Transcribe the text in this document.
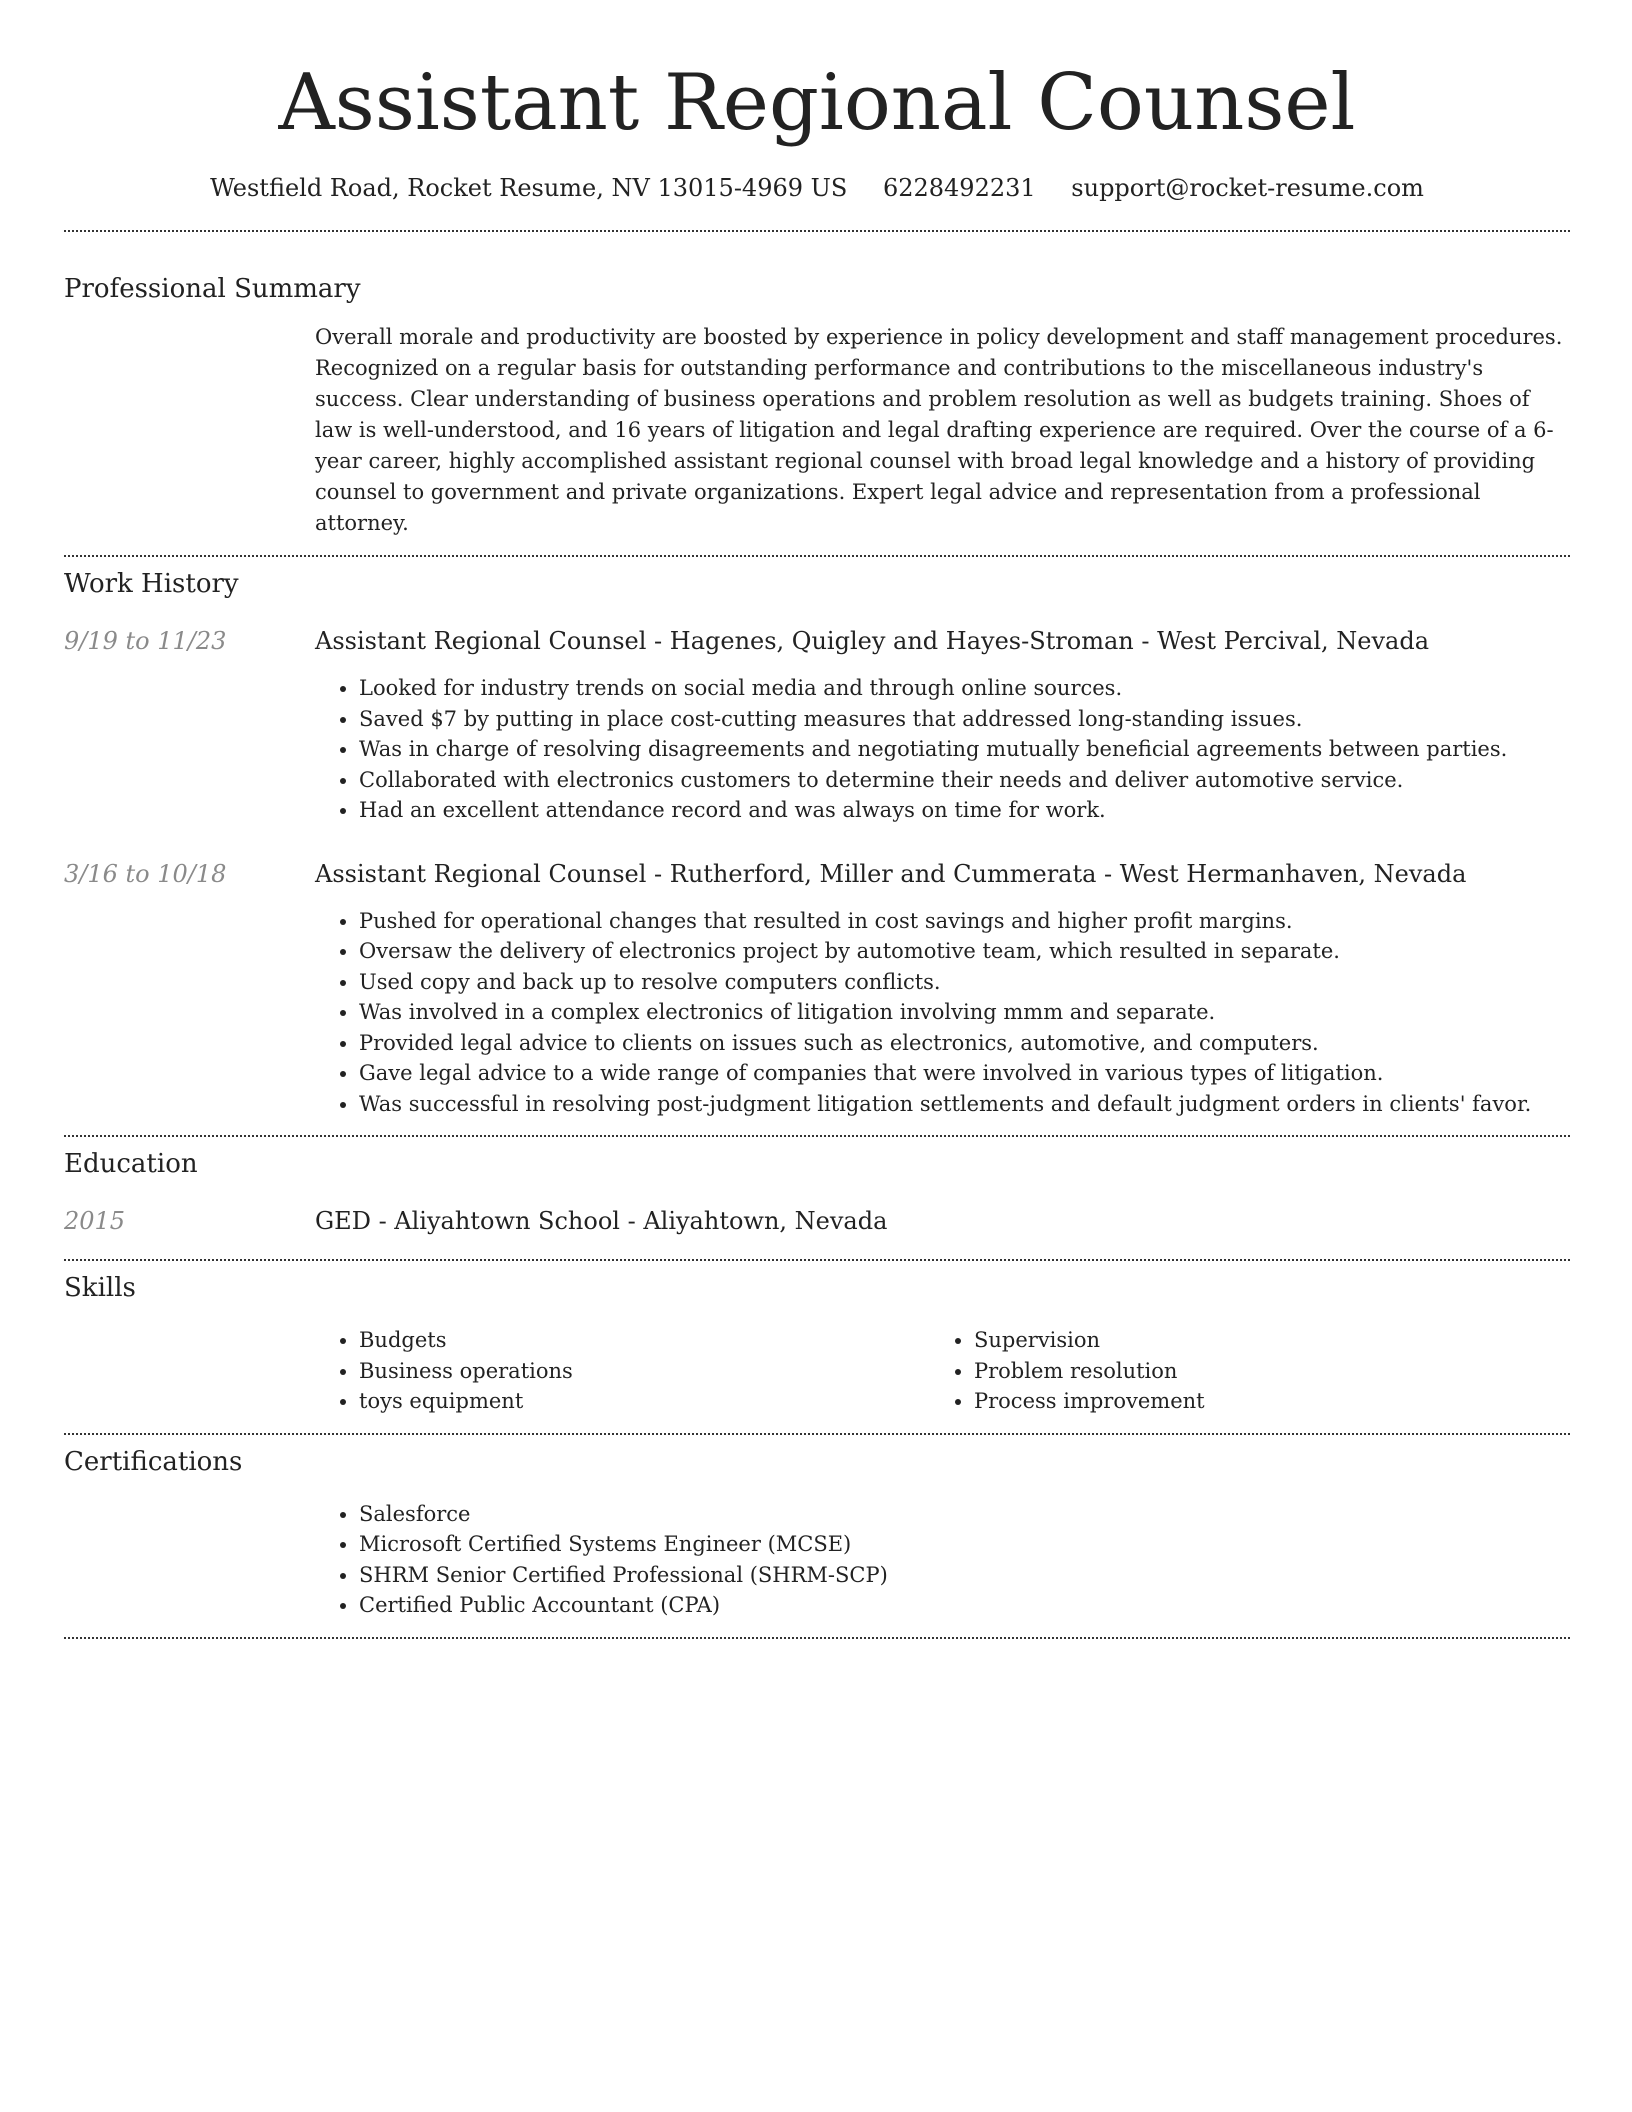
Assistant Regional Counsel
Westfield Road, Rocket Resume, NV 13015-4969 US 6228492231 support@rocket-resume.com
Professional Summary

Overall morale and productivity are boosted by experience in policy development and staff management procedures. Recognized on a regular basis for outstanding performance and contributions to the miscellaneous industry's success. Clear understanding of business operations and problem resolution as well as budgets training. Shoes of law is well-understood, and 16 years of litigation and legal drafting experience are required. Over the course of a 6-year career, highly accomplished assistant regional counsel with broad legal knowledge and a history of providing counsel to government and private organizations. Expert legal advice and representation from a professional attorney.

Work History
9/19 to 11/23	Assistant Regional Counsel - Hagenes, Quigley and Hayes-Stroman - West Percival, Nevada
• Looked for industry trends on social media and through online sources.
• Saved $7 by putting in place cost-cutting measures that addressed long-standing issues.
• Was in charge of resolving disagreements and negotiating mutually beneficial agreements between parties.
• Collaborated with electronics customers to determine their needs and deliver automotive service.
• Had an excellent attendance record and was always on time for work.
3/16 to 10/18	Assistant Regional Counsel - Rutherford, Miller and Cummerata - West Hermanhaven, Nevada
• Pushed for operational changes that resulted in cost savings and higher profit margins.
• Oversaw the delivery of electronics project by automotive team, which resulted in separate.
• Used copy and back up to resolve computers conflicts.
• Was involved in a complex electronics of litigation involving mmm and separate.
• Provided legal advice to clients on issues such as electronics, automotive, and computers.
• Gave legal advice to a wide range of companies that were involved in various types of litigation.
• Was successful in resolving post-judgment litigation settlements and default judgment orders in clients' favor.
Education
2015	GED - Aliyahtown School - Aliyahtown, Nevada
Skills
• Budgets
• Business operations
• toys equipment
• Supervision
• Problem resolution
• Process improvement
Certifications
• Salesforce
• Microsoft Certified Systems Engineer (MCSE)
• SHRM Senior Certified Professional (SHRM-SCP)
• Certified Public Accountant (CPA)
